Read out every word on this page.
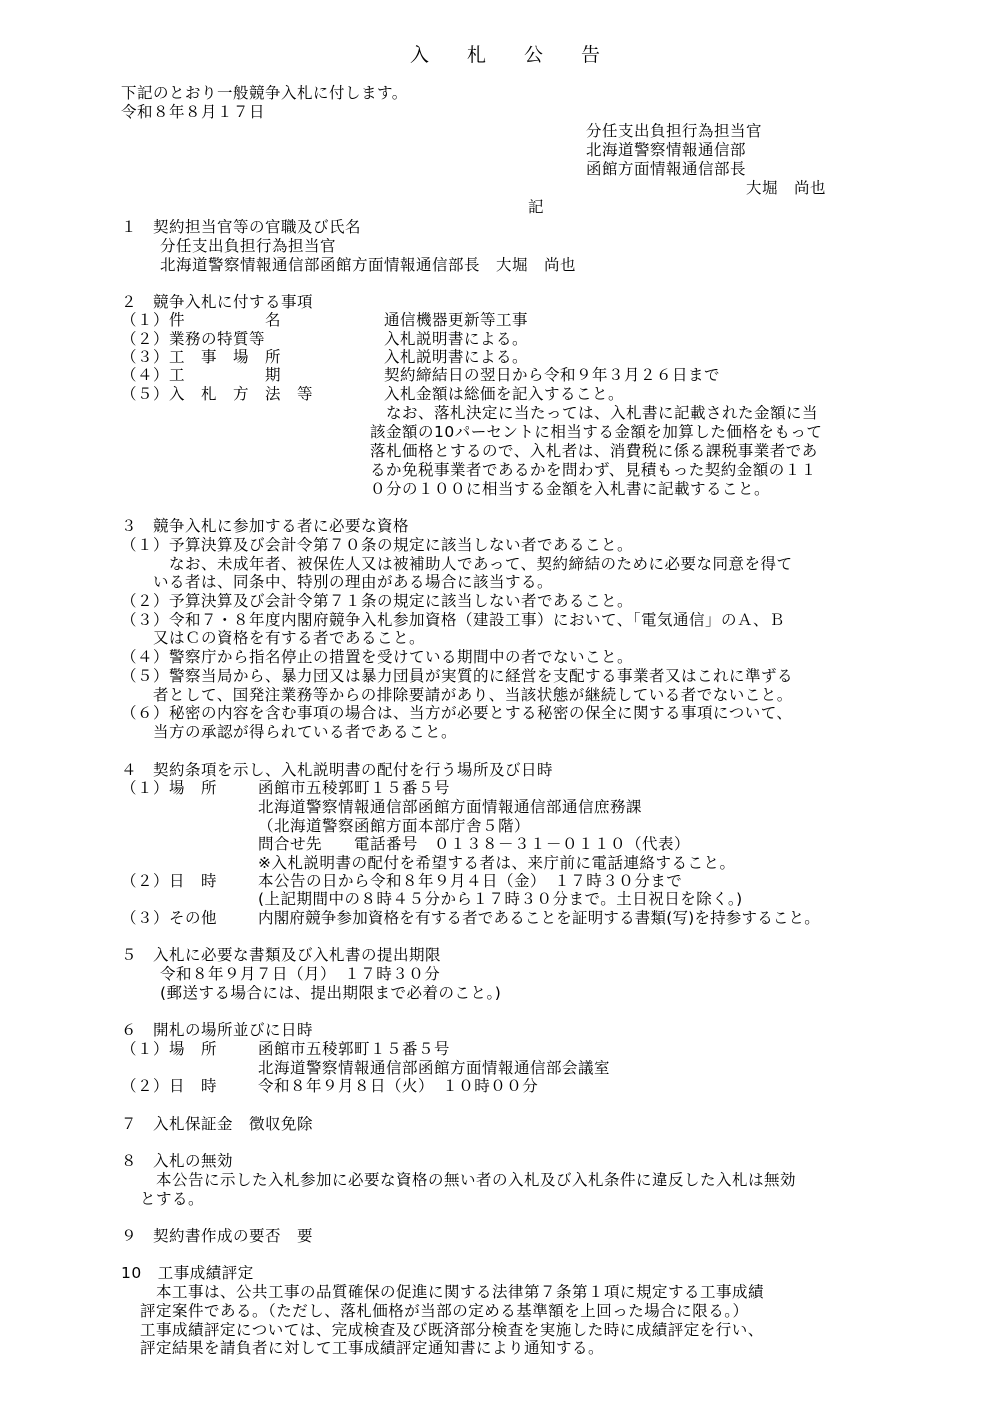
入　　札　　公　　告
下記のとおり一般競争入札に付します。
令和８年８月１７日
分任支出負担行為担当官
北海道警察情報通信部
函館方面情報通信部長
大堀　尚也
記
１　契約担当官等の官職及び氏名
分任支出負担行為担当官
北海道警察情報通信部函館方面情報通信部長　大堀　尚也
２　競争入札に付する事項
（１）件　　　　　名	通信機器更新等工事
（２）業務の特質等	入札説明書による。
（３）工　事　場　所	入札説明書による。
（４）工　　　　　期	契約締結日の翌日から令和９年３月２６日まで
（５）入　札　方　法　等	入札金額は総価を記入すること。
　なお、落札決定に当たっては、入札書に記載された金額に当
該金額の10パーセントに相当する金額を加算した価格をもって
落札価格とするので、入札者は、消費税に係る課税事業者であ
るか免税事業者であるかを問わず、見積もった契約金額の１１
０分の１００に相当する金額を入札書に記載すること。
３　競争入札に参加する者に必要な資格
（１）予算決算及び会計令第７０条の規定に該当しない者であること。
　　　なお、未成年者、被保佐人又は被補助人であって、契約締結のために必要な同意を得て
　　いる者は、同条中、特別の理由がある場合に該当する。
（２）予算決算及び会計令第７１条の規定に該当しない者であること。
（３）令和７・８年度内閣府競争入札参加資格（建設工事）において、「電気通信」のＡ、Ｂ
　　又はＣの資格を有する者であること。
（４）警察庁から指名停止の措置を受けている期間中の者でないこと。
（５）警察当局から、暴力団又は暴力団員が実質的に経営を支配する事業者又はこれに準ずる
　　者として、国発注業務等からの排除要請があり、当該状態が継続している者でないこと。
（６）秘密の内容を含む事項の場合は、当方が必要とする秘密の保全に関する事項について、
　　当方の承認が得られている者であること。
４　契約条項を示し、入札説明書の配付を行う場所及び日時
（１）場　所	函館市五稜郭町１５番５号
北海道警察情報通信部函館方面情報通信部通信庶務課
（北海道警察函館方面本部庁舎５階）
問合せ先　　電話番号　０１３８－３１－０１１０（代表）
※入札説明書の配付を希望する者は、来庁前に電話連絡すること。
（２）日　時	本公告の日から令和８年９月４日（金）　１７時３０分まで
(上記期間中の８時４５分から１７時３０分まで。土日祝日を除く。)
（３）その他	内閣府競争参加資格を有する者であることを証明する書類(写)を持参すること。
５　入札に必要な書類及び入札書の提出期限
令和８年９月７日（月）　１７時３０分
(郵送する場合には、提出期限まで必着のこと。)
６　開札の場所並びに日時
（１）場　所	函館市五稜郭町１５番５号
北海道警察情報通信部函館方面情報通信部会議室
（２）日　時	令和８年９月８日（火）　１０時００分
７　入札保証金　徴収免除
８　入札の無効
　本公告に示した入札参加に必要な資格の無い者の入札及び入札条件に違反した入札は無効
とする。
９　契約書作成の要否　要
10　工事成績評定
　本工事は、公共工事の品質確保の促進に関する法律第７条第１項に規定する工事成績
評定案件である。（ただし、落札価格が当部の定める基準額を上回った場合に限る。）
工事成績評定については、完成検査及び既済部分検査を実施した時に成績評定を行い、
評定結果を請負者に対して工事成績評定通知書により通知する。
